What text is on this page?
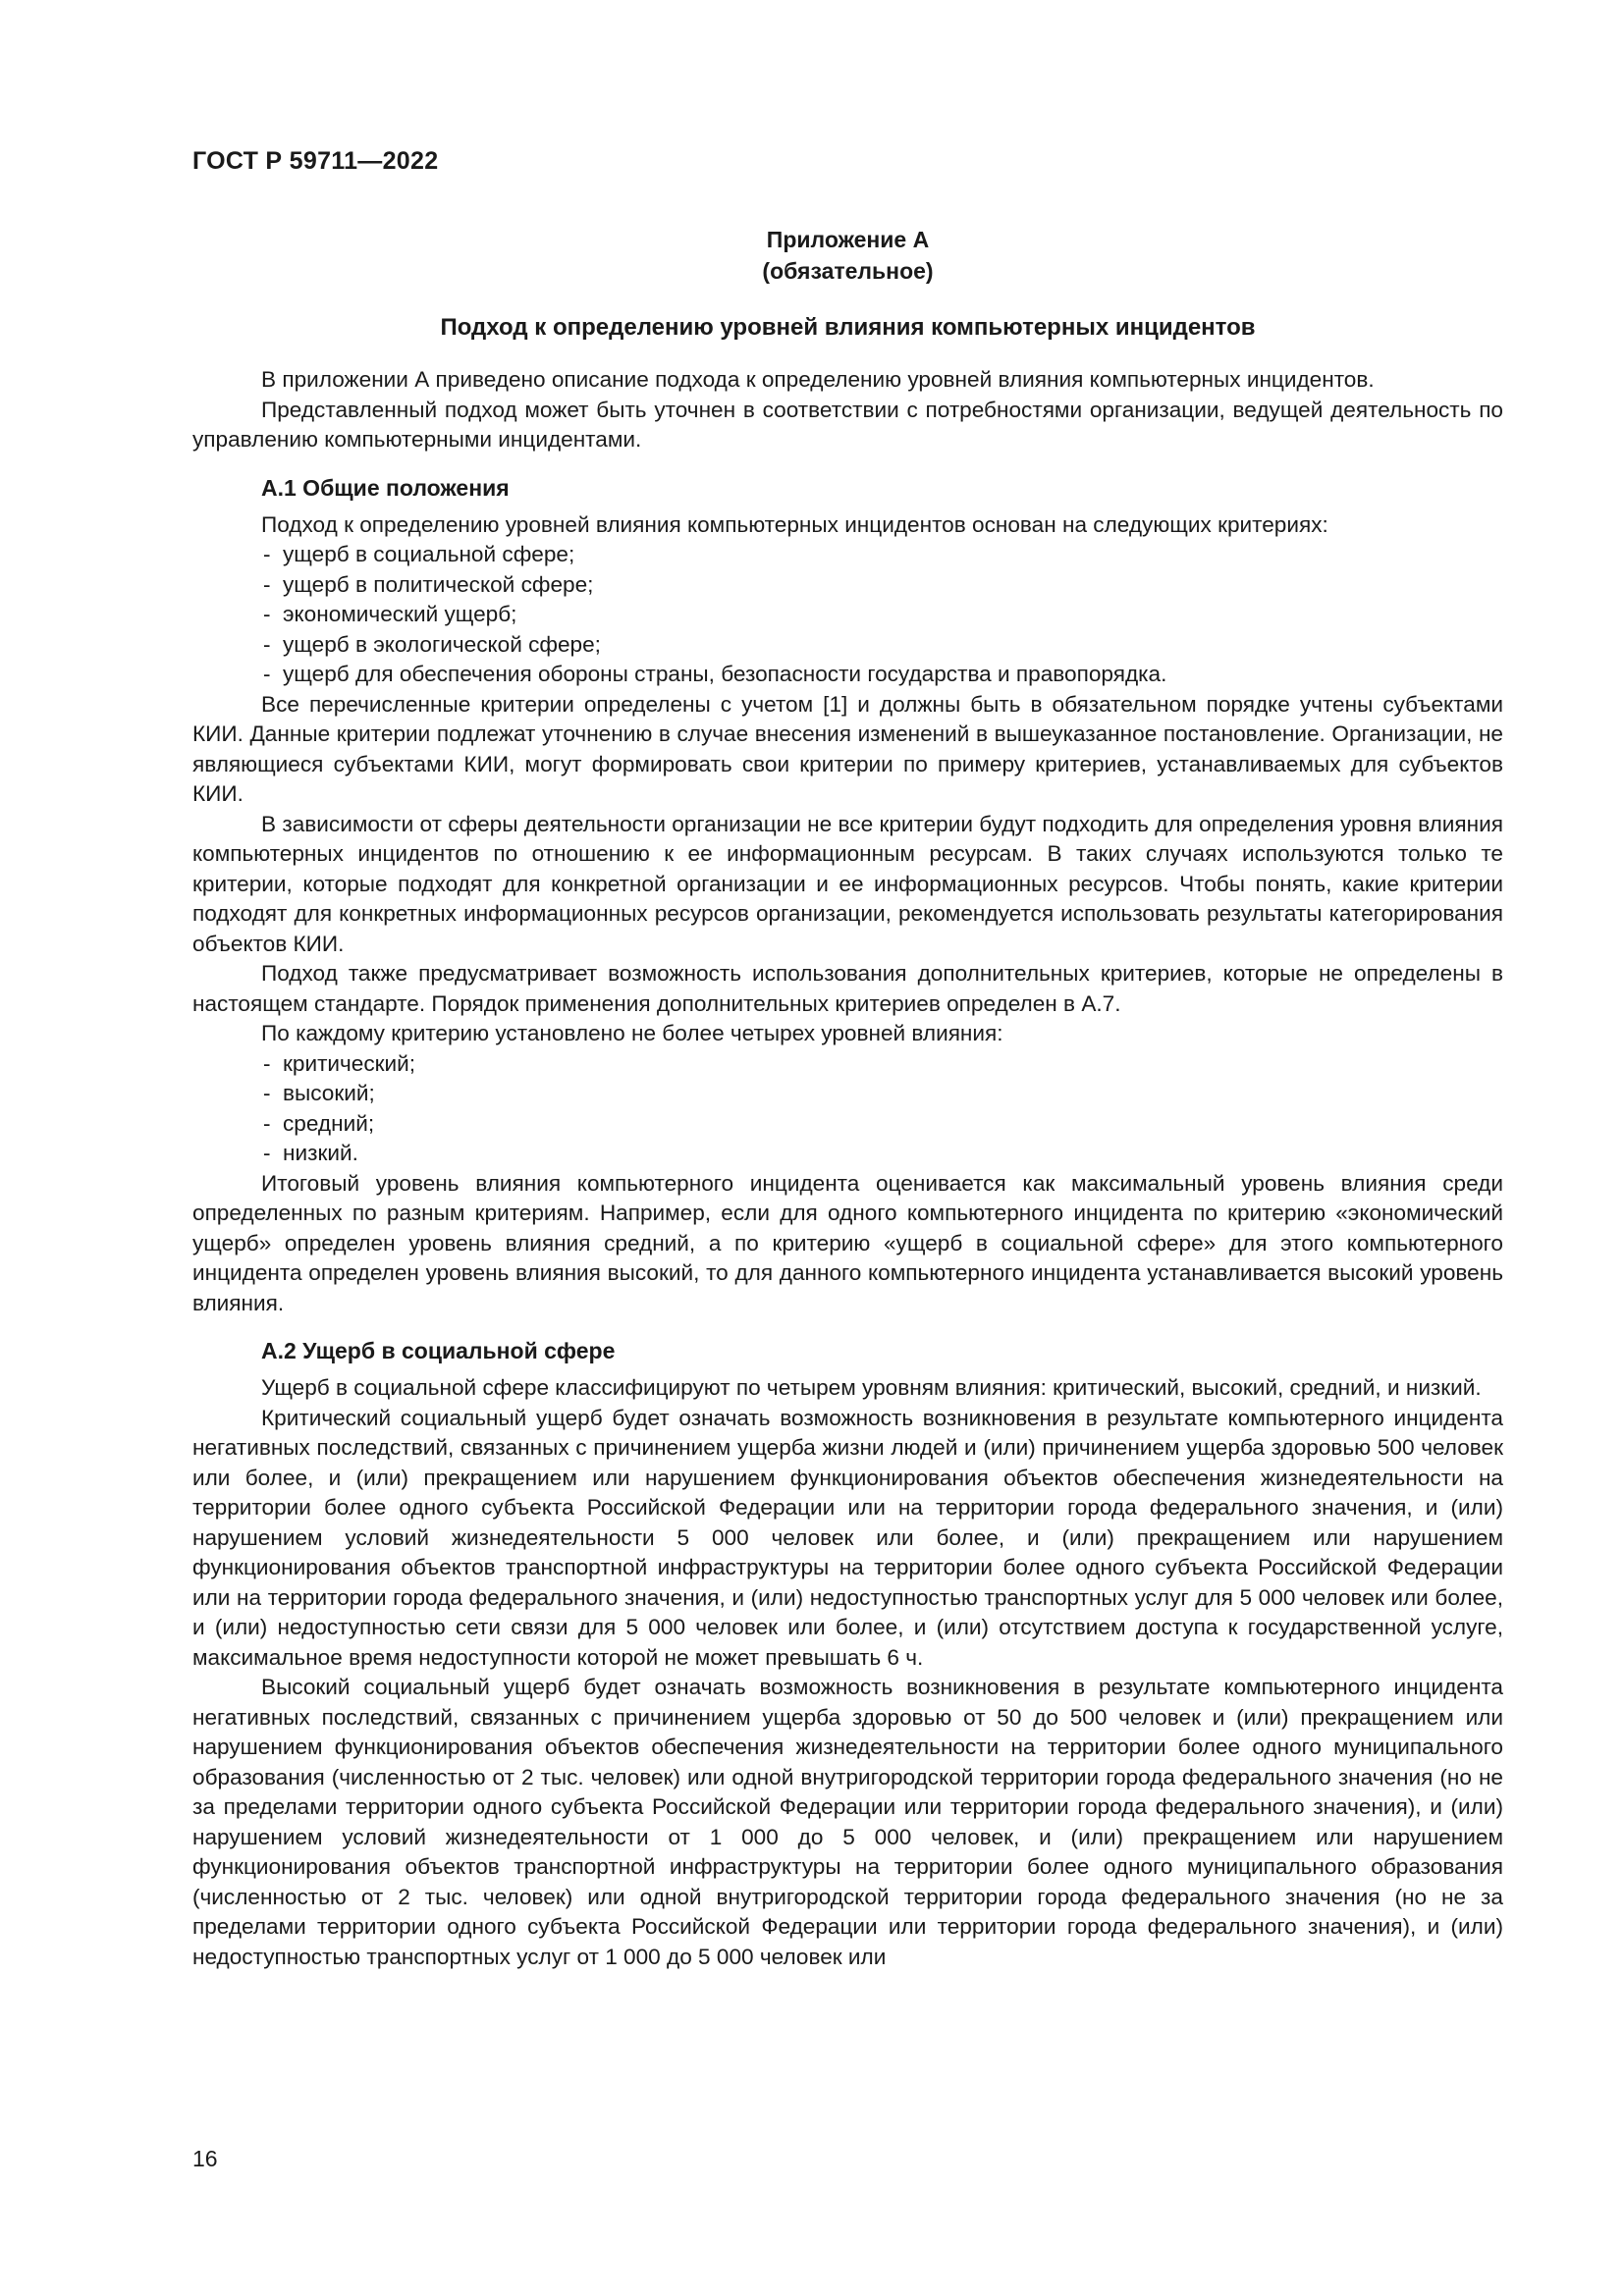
ГОСТ Р 59711—2022
Приложение А
(обязательное)
Подход к определению уровней влияния компьютерных инцидентов

В приложении А приведено описание подхода к определению уровней влияния компьютерных инцидентов.

Представленный подход может быть уточнен в соответствии с потребностями организации, ведущей деятельность по управлению компьютерными инцидентами.

А.1 Общие положения

Подход к определению уровней влияния компьютерных инцидентов основан на следующих критериях:

- ущерб в социальной сфере;
- ущерб в политической сфере;
- экономический ущерб;
- ущерб в экологической сфере;
- ущерб для обеспечения обороны страны, безопасности государства и правопорядка.

Все перечисленные критерии определены с учетом [1] и должны быть в обязательном порядке учтены субъектами КИИ. Данные критерии подлежат уточнению в случае внесения изменений в вышеуказанное постановление. Организации, не являющиеся субъектами КИИ, могут формировать свои критерии по примеру критериев, устанавливаемых для субъектов КИИ.

В зависимости от сферы деятельности организации не все критерии будут подходить для определения уровня влияния компьютерных инцидентов по отношению к ее информационным ресурсам. В таких случаях используются только те критерии, которые подходят для конкретной организации и ее информационных ресурсов. Чтобы понять, какие критерии подходят для конкретных информационных ресурсов организации, рекомендуется использовать результаты категорирования объектов КИИ.

Подход также предусматривает возможность использования дополнительных критериев, которые не определены в настоящем стандарте. Порядок применения дополнительных критериев определен в А.7.

По каждому критерию установлено не более четырех уровней влияния:

- критический;
- высокий;
- средний;
- низкий.

Итоговый уровень влияния компьютерного инцидента оценивается как максимальный уровень влияния среди определенных по разным критериям. Например, если для одного компьютерного инцидента по критерию «экономический ущерб» определен уровень влияния средний, а по критерию «ущерб в социальной сфере» для этого компьютерного инцидента определен уровень влияния высокий, то для данного компьютерного инцидента устанавливается высокий уровень влияния.

А.2 Ущерб в социальной сфере

Ущерб в социальной сфере классифицируют по четырем уровням влияния: критический, высокий, средний, и низкий.

Критический социальный ущерб будет означать возможность возникновения в результате компьютерного инцидента негативных последствий, связанных с причинением ущерба жизни людей и (или) причинением ущерба здоровью 500 человек или более, и (или) прекращением или нарушением функционирования объектов обеспечения жизнедеятельности на территории более одного субъекта Российской Федерации или на территории города федерального значения, и (или) нарушением условий жизнедеятельности 5 000 человек или более, и (или) прекращением или нарушением функционирования объектов транспортной инфраструктуры на территории более одного субъекта Российской Федерации или на территории города федерального значения, и (или) недоступностью транспортных услуг для 5 000 человек или более, и (или) недоступностью сети связи для 5 000 человек или более, и (или) отсутствием доступа к государственной услуге, максимальное время недоступности которой не может превышать 6 ч.

Высокий социальный ущерб будет означать возможность возникновения в результате компьютерного инцидента негативных последствий, связанных с причинением ущерба здоровью от 50 до 500 человек и (или) прекращением или нарушением функционирования объектов обеспечения жизнедеятельности на территории более одного муниципального образования (численностью от 2 тыс. человек) или одной внутригородской территории города федерального значения (но не за пределами территории одного субъекта Российской Федерации или территории города федерального значения), и (или) нарушением условий жизнедеятельности от 1 000 до 5 000 человек, и (или) прекращением или нарушением функционирования объектов транспортной инфраструктуры на территории более одного муниципального образования (численностью от 2 тыс. человек) или одной внутригородской территории города федерального значения (но не за пределами территории одного субъекта Российской Федерации или территории города федерального значения), и (или) недоступностью транспортных услуг от 1 000 до 5 000 человек или

16
